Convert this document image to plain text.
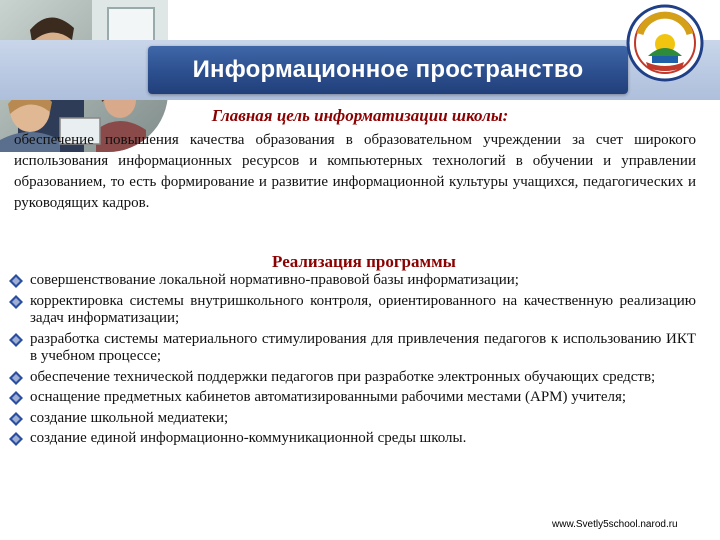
Информационное пространство
Главная цель информатизации школы:
обеспечение повышения качества образования в образовательном учреждении за счет широкого использования информационных ресурсов и компьютерных технологий в обучении и управлении образованием, то есть формирование и развитие информационной культуры учащихся, педагогических и руководящих кадров.
Реализация программы
совершенствование локальной нормативно-правовой базы информатизации;
корректировка системы внутришкольного контроля, ориентированного на качественную реализацию задач информатизации;
разработка системы материального стимулирования для привлечения педагогов к использованию ИКТ в учебном процессе;
обеспечение технической поддержки педагогов при разработке электронных обучающих средств;
оснащение предметных кабинетов автоматизированными рабочими местами (АРМ) учителя;
создание школьной медиатеки;
создание единой информационно-коммуникационной среды школы.
www.Svetly5school.narod.ru
